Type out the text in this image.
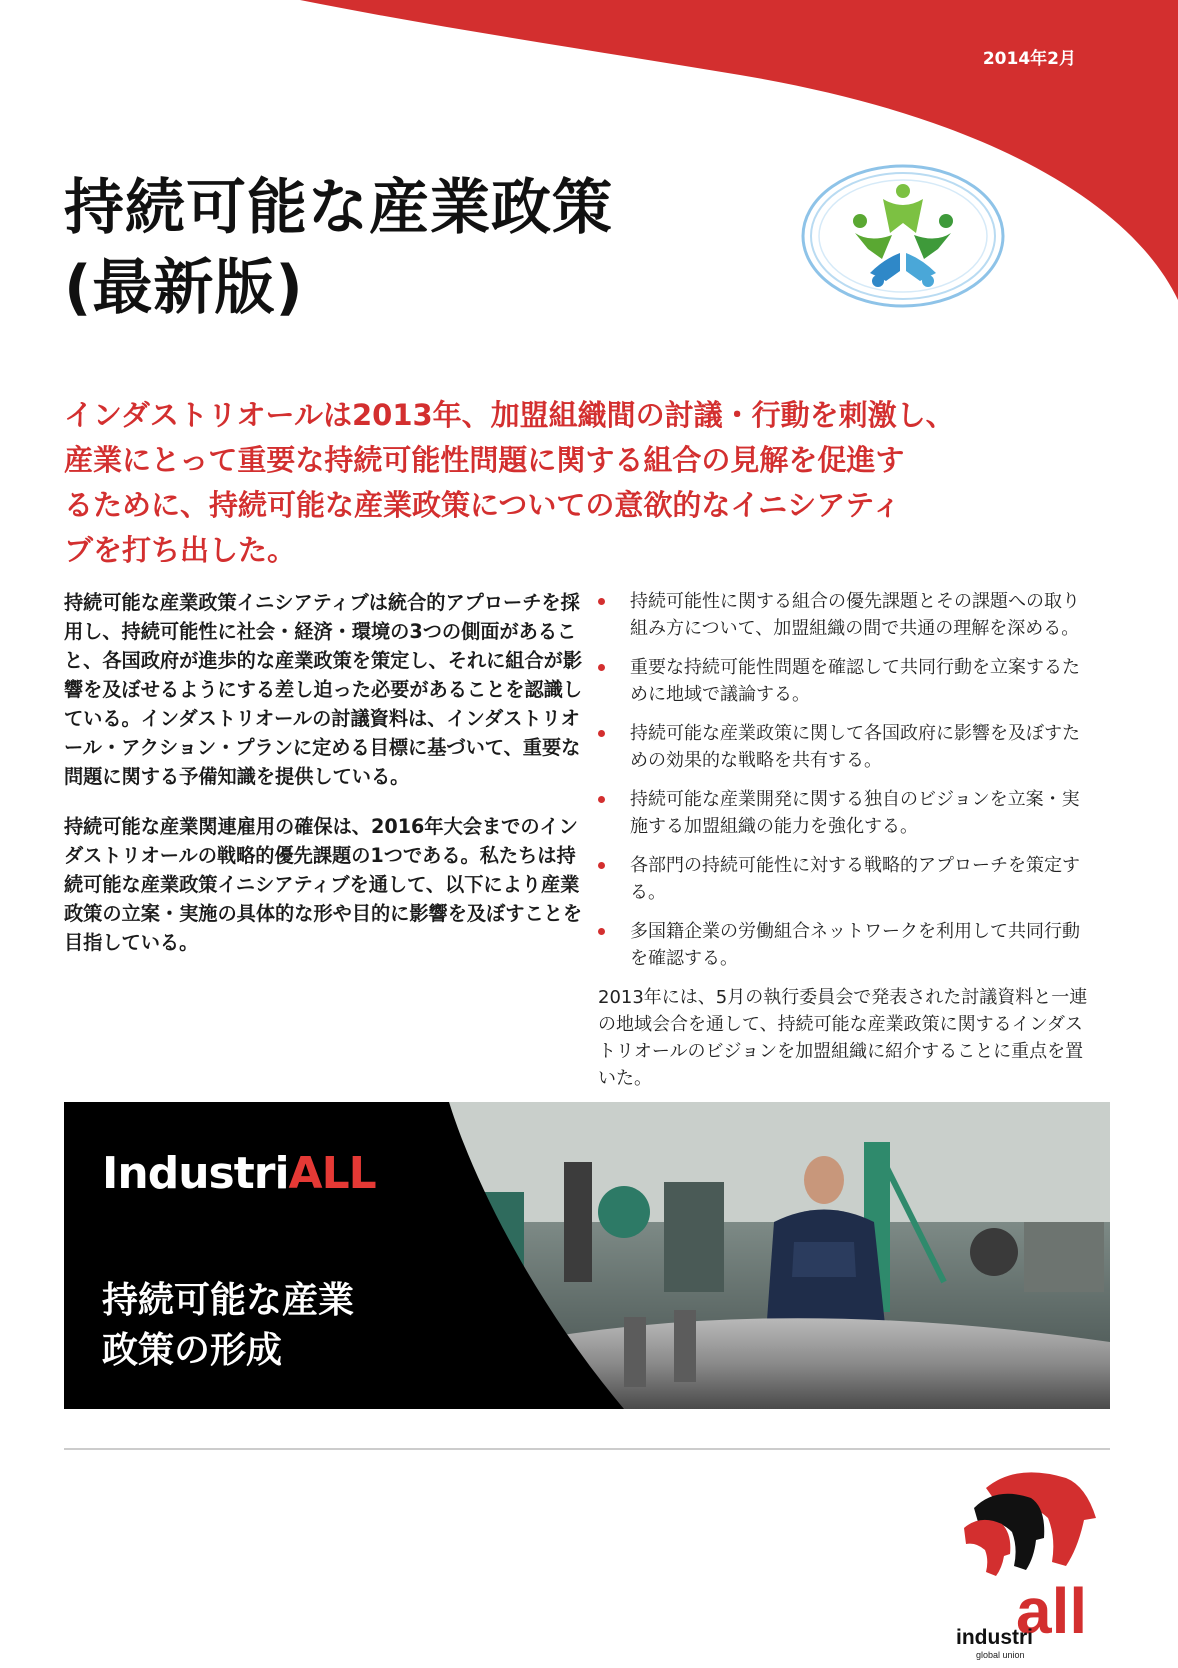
2014年2月
持続可能な産業政策
(最新版)

インダストリオールは2013年、加盟組織間の討議・行動を刺激し、
産業にとって重要な持続可能性問題に関する組合の見解を促進す
るために、持続可能な産業政策についての意欲的なイニシアティ
ブを打ち出した。

持続可能な産業政策イニシアティブは統合的アプローチを採用し、持続可能性に社会・経済・環境の3つの側面があること、各国政府が進歩的な産業政策を策定し、それに組合が影響を及ぼせるようにする差し迫った必要があることを認識している。インダストリオールの討議資料は、インダストリオール・アクション・プランに定める目標に基づいて、重要な問題に関する予備知識を提供している。

持続可能な産業関連雇用の確保は、2016年大会までのインダストリオールの戦略的優先課題の1つである。私たちは持続可能な産業政策イニシアティブを通して、以下により産業政策の立案・実施の具体的な形や目的に影響を及ぼすことを目指している。

持続可能性に関する組合の優先課題とその課題への取り組み方について、加盟組織の間で共通の理解を深める。
重要な持続可能性問題を確認して共同行動を立案するために地域で議論する。
持続可能な産業政策に関して各国政府に影響を及ぼすための効果的な戦略を共有する。
持続可能な産業開発に関する独自のビジョンを立案・実施する加盟組織の能力を強化する。
各部門の持続可能性に対する戦略的アプローチを策定する。
多国籍企業の労働組合ネットワークを利用して共同行動を確認する。

2013年には、5月の執行委員会で発表された討議資料と一連の地域会合を通して、持続可能な産業政策に関するインダストリオールのビジョンを加盟組織に紹介することに重点を置いた。

IndustriALL

持続可能な産業
政策の形成

all
industri
global union
